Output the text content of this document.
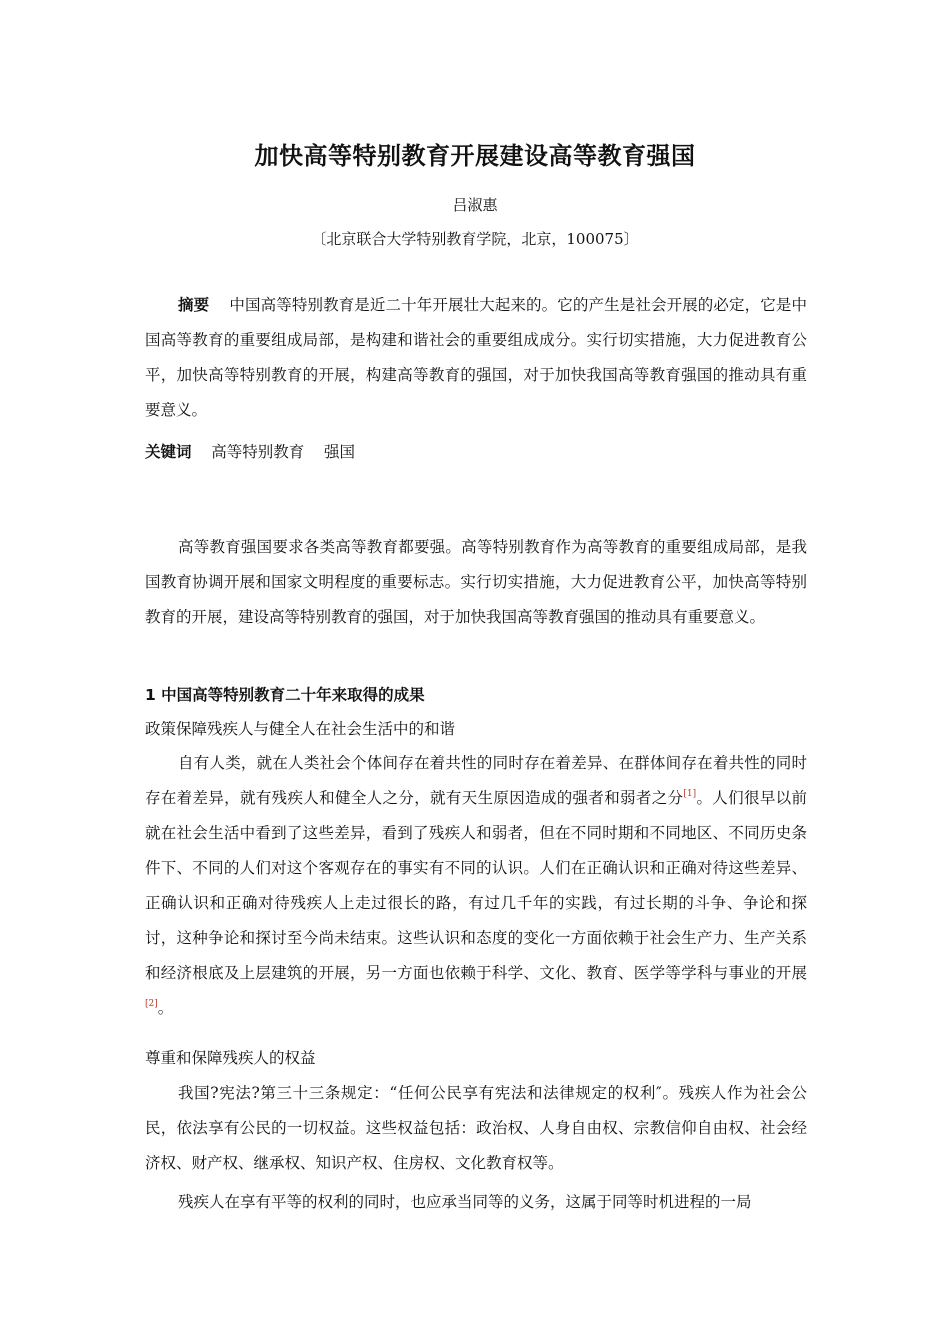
加快高等特别教育开展建设高等教育强国
吕淑惠
〔北京联合大学特别教育学院，北京，100075〕
摘要 中国高等特别教育是近二十年开展壮大起来的。它的产生是社会开展的必定，它是中国高等教育的重要组成局部，是构建和谐社会的重要组成成分。实行切实措施，大力促进教育公平，加快高等特别教育的开展，构建高等教育的强国，对于加快我国高等教育强国的推动具有重要意义。
关键词 高等特别教育 强国
高等教育强国要求各类高等教育都要强。高等特别教育作为高等教育的重要组成局部，是我国教育协调开展和国家文明程度的重要标志。实行切实措施，大力促进教育公平，加快高等特别教育的开展，建设高等特别教育的强国，对于加快我国高等教育强国的推动具有重要意义。
1 中国高等特别教育二十年来取得的成果
政策保障残疾人与健全人在社会生活中的和谐
自有人类，就在人类社会个体间存在着共性的同时存在着差异、在群体间存在着共性的同时存在着差异，就有残疾人和健全人之分，就有天生原因造成的强者和弱者之分[1]。人们很早以前就在社会生活中看到了这些差异，看到了残疾人和弱者，但在不同时期和不同地区、不同历史条件下、不同的人们对这个客观存在的事实有不同的认识。人们在正确认识和正确对待这些差异、正确认识和正确对待残疾人上走过很长的路，有过几千年的实践，有过长期的斗争、争论和探讨，这种争论和探讨至今尚未结束。这些认识和态度的变化一方面依赖于社会生产力、生产关系和经济根底及上层建筑的开展，另一方面也依赖于科学、文化、教育、医学等学科与事业的开展[2]。
尊重和保障残疾人的权益
我国?宪法?第三十三条规定：“任何公民享有宪法和法律规定的权利″。残疾人作为社会公民，依法享有公民的一切权益。这些权益包括：政治权、人身自由权、宗教信仰自由权、社会经济权、财产权、继承权、知识产权、住房权、文化教育权等。
残疾人在享有平等的权利的同时，也应承当同等的义务，这属于同等时机进程的一局
